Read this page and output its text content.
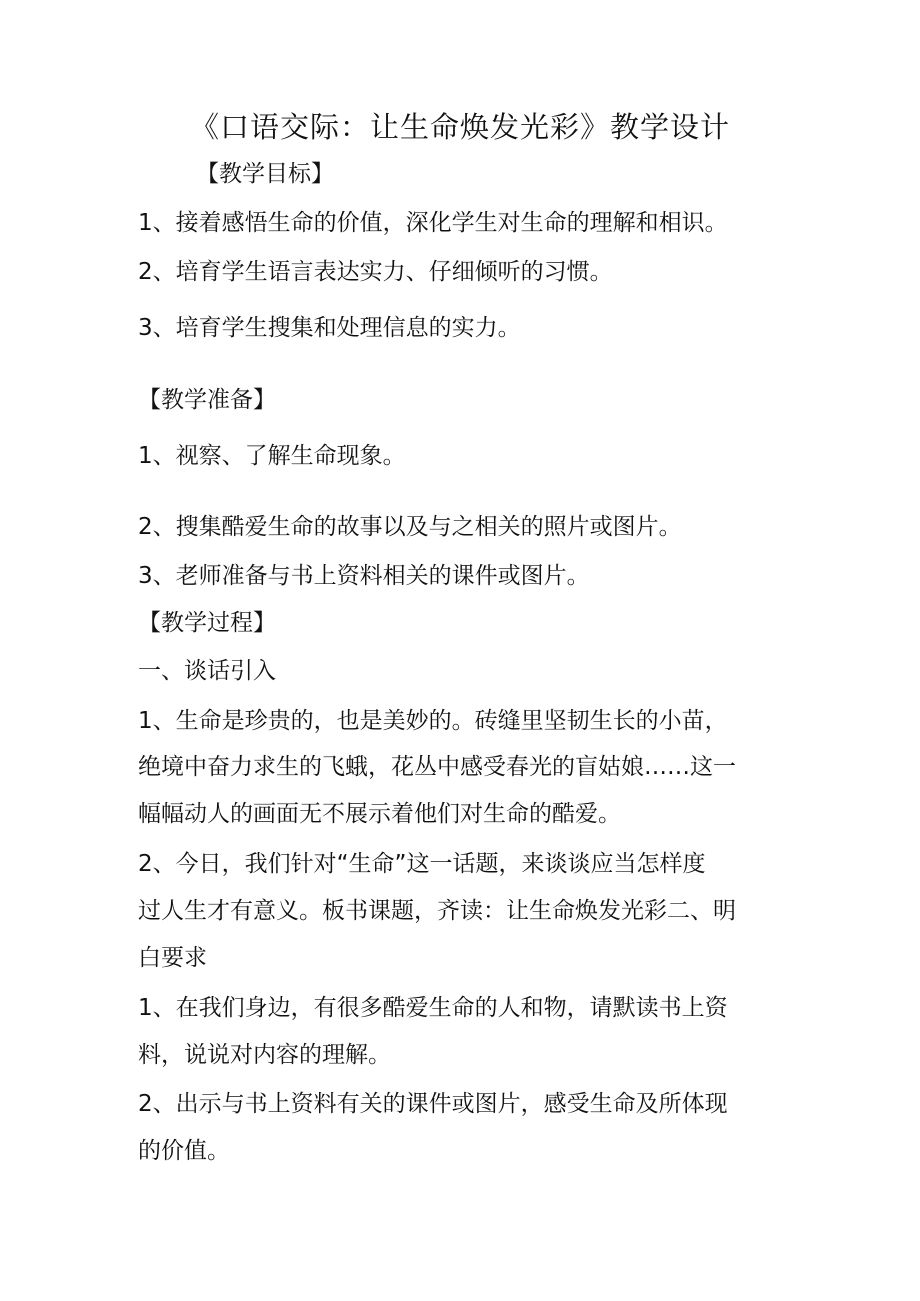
《口语交际：让生命焕发光彩》教学设计
【教学目标】
1、接着感悟生命的价值，深化学生对生命的理解和相识。
2、培育学生语言表达实力、仔细倾听的习惯。
3、培育学生搜集和处理信息的实力。
【教学准备】
1、视察、了解生命现象。
2、搜集酷爱生命的故事以及与之相关的照片或图片。
3、老师准备与书上资料相关的课件或图片。
【教学过程】
一、谈话引入
1、生命是珍贵的，也是美妙的。砖缝里坚韧生长的小苗，
绝境中奋力求生的飞蛾，花丛中感受春光的盲姑娘……这一
幅幅动人的画面无不展示着他们对生命的酷爱。
2、今日，我们针对“生命”这一话题，来谈谈应当怎样度
过人生才有意义。板书课题，齐读：让生命焕发光彩二、明
白要求
1、在我们身边，有很多酷爱生命的人和物，请默读书上资
料，说说对内容的理解。
2、出示与书上资料有关的课件或图片，感受生命及所体现
的价值。
